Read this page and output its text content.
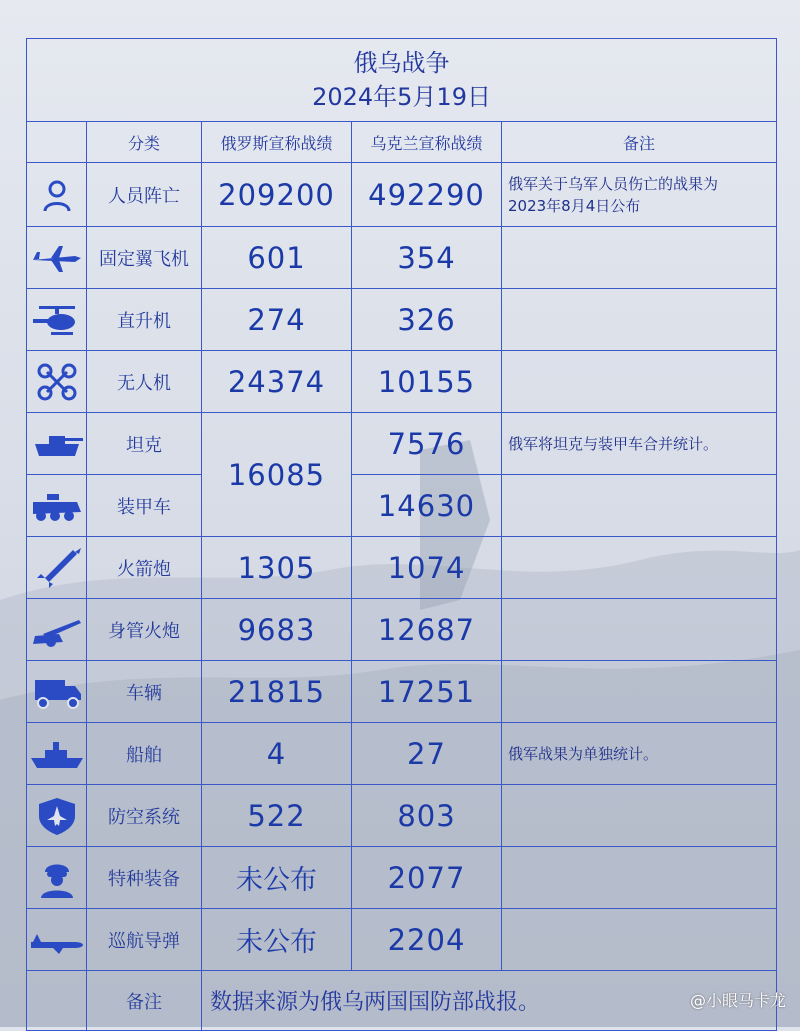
俄乌战争
2024年5月19日				

	分类	俄罗斯宣称战绩	乌克兰宣称战绩	备注

	人员阵亡	209200	492290	俄军关于乌军人员伤亡的战果为
2023年8月4日公布

	固定翼飞机	601	354	

	直升机	274	326	

	无人机	24374	10155	

	坦克	16085	7576	俄军将坦克与装甲车合并统计。

	装甲车		14630	

	火箭炮	1305	1074	

	身管火炮	9683	12687	

	车辆	21815	17251	

	船舶	4	27	俄军战果为单独统计。

	防空系统	522	803	

	特种装备	未公布	2077	

	巡航导弹	未公布	2204	
	备注	数据来源为俄乌两国国防部战报。			@小眼马卡龙
